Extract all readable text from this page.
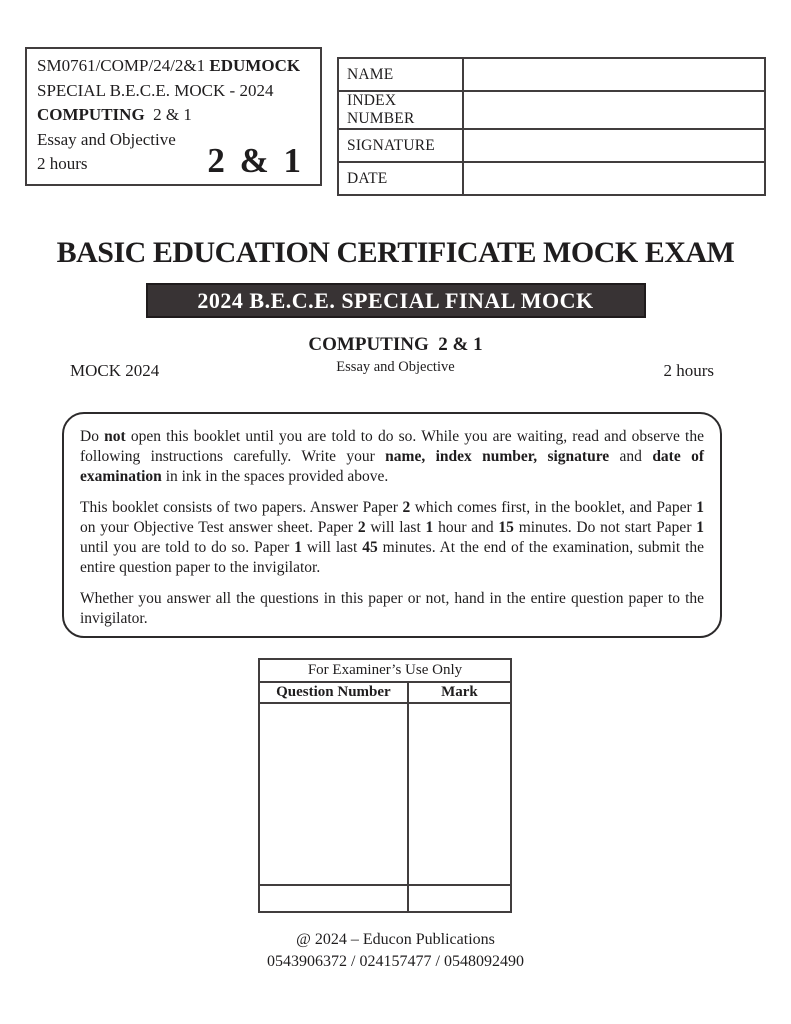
SM0761/COMP/24/2&1 EDUMOCK
SPECIAL B.E.C.E. MOCK - 2024
COMPUTING  2 & 1
Essay and Objective
2 hours	2 & 1
NAME	
INDEX NUMBER	
SIGNATURE	
DATE	
BASIC EDUCATION CERTIFICATE MOCK EXAM
2024 B.E.C.E. SPECIAL FINAL MOCK
COMPUTING  2 & 1
MOCK 2024	Essay and Objective	2 hours

Do not open this booklet until you are told to do so. While you are waiting, read and observe the following instructions carefully. Write your name, index number, signature and date of examination in ink in the spaces provided above.

This booklet consists of two papers. Answer Paper 2 which comes first, in the booklet, and Paper 1 on your Objective Test answer sheet. Paper 2 will last 1 hour and 15 minutes. Do not start Paper 1 until you are told to do so. Paper 1 will last 45 minutes. At the end of the examination, submit the entire question paper to the invigilator.

Whether you answer all the questions in this paper or not, hand in the entire question paper to the invigilator.

For Examiner’s Use Only	
Question Number	Mark

@ 2024 – Educon Publications
0543906372 / 024157477 / 0548092490
